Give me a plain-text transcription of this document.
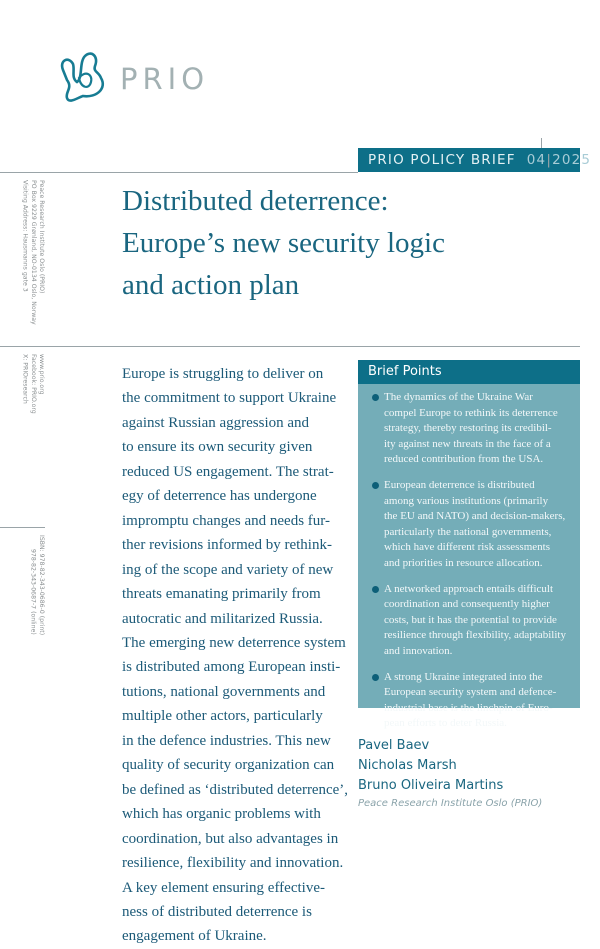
PRIO
PRIO POLICY BRIEF 04|2025
Peace Research Institute Oslo (PRIO)
PO Box 9229 Grønland, NO-0134 Oslo, Norway
Visiting Address: Hausmanns gate 3
www.prio.org
Facebook: PRIO.org
X: PRIOresearch
ISBN: 978-82-343-0686-0 (print)
978-82-343-0687-7 (online)
Distributed deterrence:
Europe’s new security logic
and action plan
Europe is struggling to deliver on
the commitment to support Ukraine
against Russian aggression and
to ensure its own security given
reduced US engagement. The strat-
egy of deterrence has undergone
impromptu changes and needs fur-
ther revisions informed by rethink-
ing of the scope and variety of new
threats emanating primarily from
autocratic and militarized Russia.
The emerging new deterrence system
is distributed among European insti-
tutions, national governments and
multiple other actors, particularly
in the defence industries. This new
quality of security organization can
be defined as ‘distributed deterrence’,
which has organic problems with
coordination, but also advantages in
resilience, flexibility and innovation.
A key element ensuring effective-
ness of distributed deterrence is
engagement of Ukraine.
Brief Points
The dynamics of the Ukraine War
compel Europe to rethink its deterrence
strategy, thereby restoring its credibil-
ity against new threats in the face of a
reduced contribution from the USA.
European deterrence is distributed
among various institutions (primarily
the EU and NATO) and decision-makers,
particularly the national governments,
which have different risk assessments
and priorities in resource allocation.
A networked approach entails difficult
coordination and consequently higher
costs, but it has the potential to provide
resilience through flexibility, adaptability
and innovation.
A strong Ukraine integrated into the
European security system and defence-
industrial base is the linchpin of Euro-
pean efforts to deter Russia.
Pavel Baev
Nicholas Marsh
Bruno Oliveira Martins
Peace Research Institute Oslo (PRIO)
